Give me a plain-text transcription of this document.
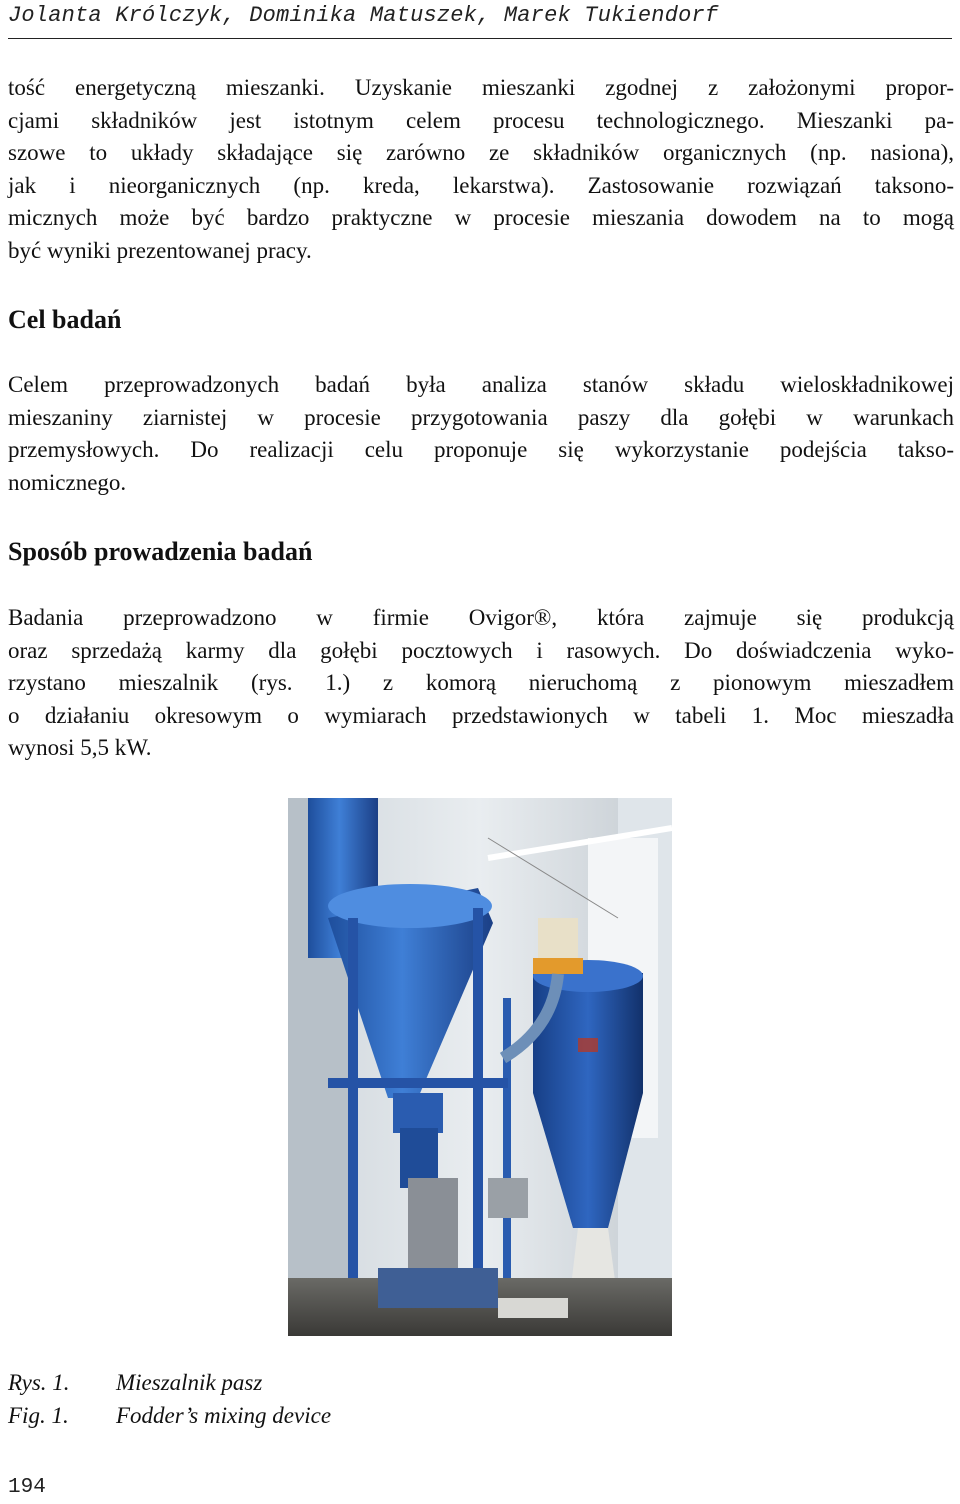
Jolanta Królczyk, Dominika Matuszek, Marek Tukiendorf
tość energetyczną mieszanki. Uzyskanie mieszanki zgodnej z założonymi propor-
cjami składników jest istotnym celem procesu technologicznego. Mieszanki pa-
szowe to układy składające się zarówno ze składników organicznych (np. nasiona),
jak i nieorganicznych (np. kreda, lekarstwa). Zastosowanie rozwiązań taksono-
micznych może być bardzo praktyczne w procesie mieszania dowodem na to mogą
być wyniki prezentowanej pracy.
Cel badań
Celem przeprowadzonych badań była analiza stanów składu wieloskładnikowej
mieszaniny ziarnistej w procesie przygotowania paszy dla gołębi w warunkach
przemysłowych. Do realizacji celu proponuje się wykorzystanie podejścia takso-
nomicznego.
Sposób prowadzenia badań
Badania przeprowadzono w firmie Ovigor®, która zajmuje się produkcją
oraz sprzedażą karmy dla gołębi pocztowych i rasowych. Do doświadczenia wyko-
rzystano mieszalnik (rys. 1.) z komorą nieruchomą z pionowym mieszadłem
o działaniu okresowym o wymiarach przedstawionych w tabeli 1. Moc mieszadła
wynosi 5,5 kW.
Rys. 1. Mieszalnik pasz
Fig. 1. Fodder’s mixing device
194
